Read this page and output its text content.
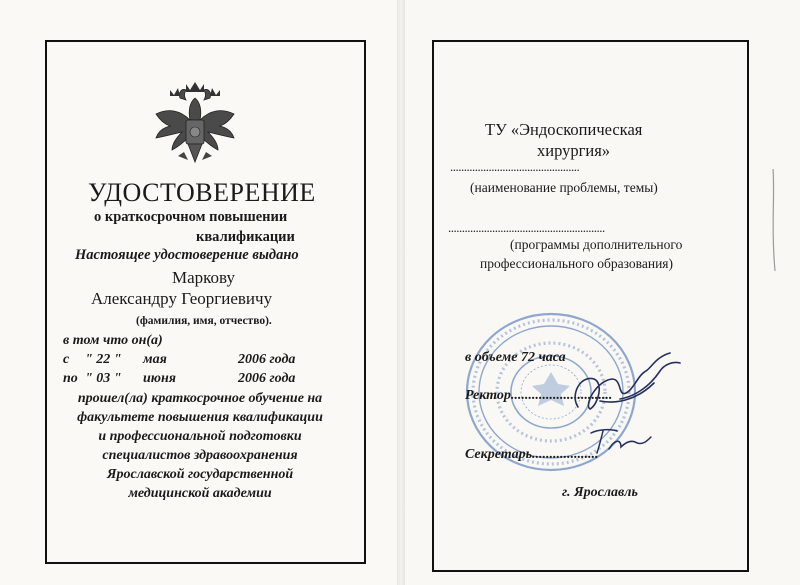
УДОСТОВЕРЕНИЕ
о краткосрочном повышении
квалификации
Настоящее удостоверение выдано
Маркову
Александру Георгиевичу
(фамилия, имя, отчество).
в том что он(а)
с " 22 " мая	2006 года
по " 03 " июня	2006 года
прошел(ла) краткосрочное обучение на
факультете повышения квалификации
и профессиональной подготовки
специалистов здравоохранения
Ярославской государственной
медицинской академии
ТУ «Эндоскопическая
хирургия»
...............................................
(наименование проблемы, темы)
.........................................................
(программы дополнительного
профессионального образования)
в объеме 72 часа
Ректор.............................
Секретарь...................
г. Ярославль
